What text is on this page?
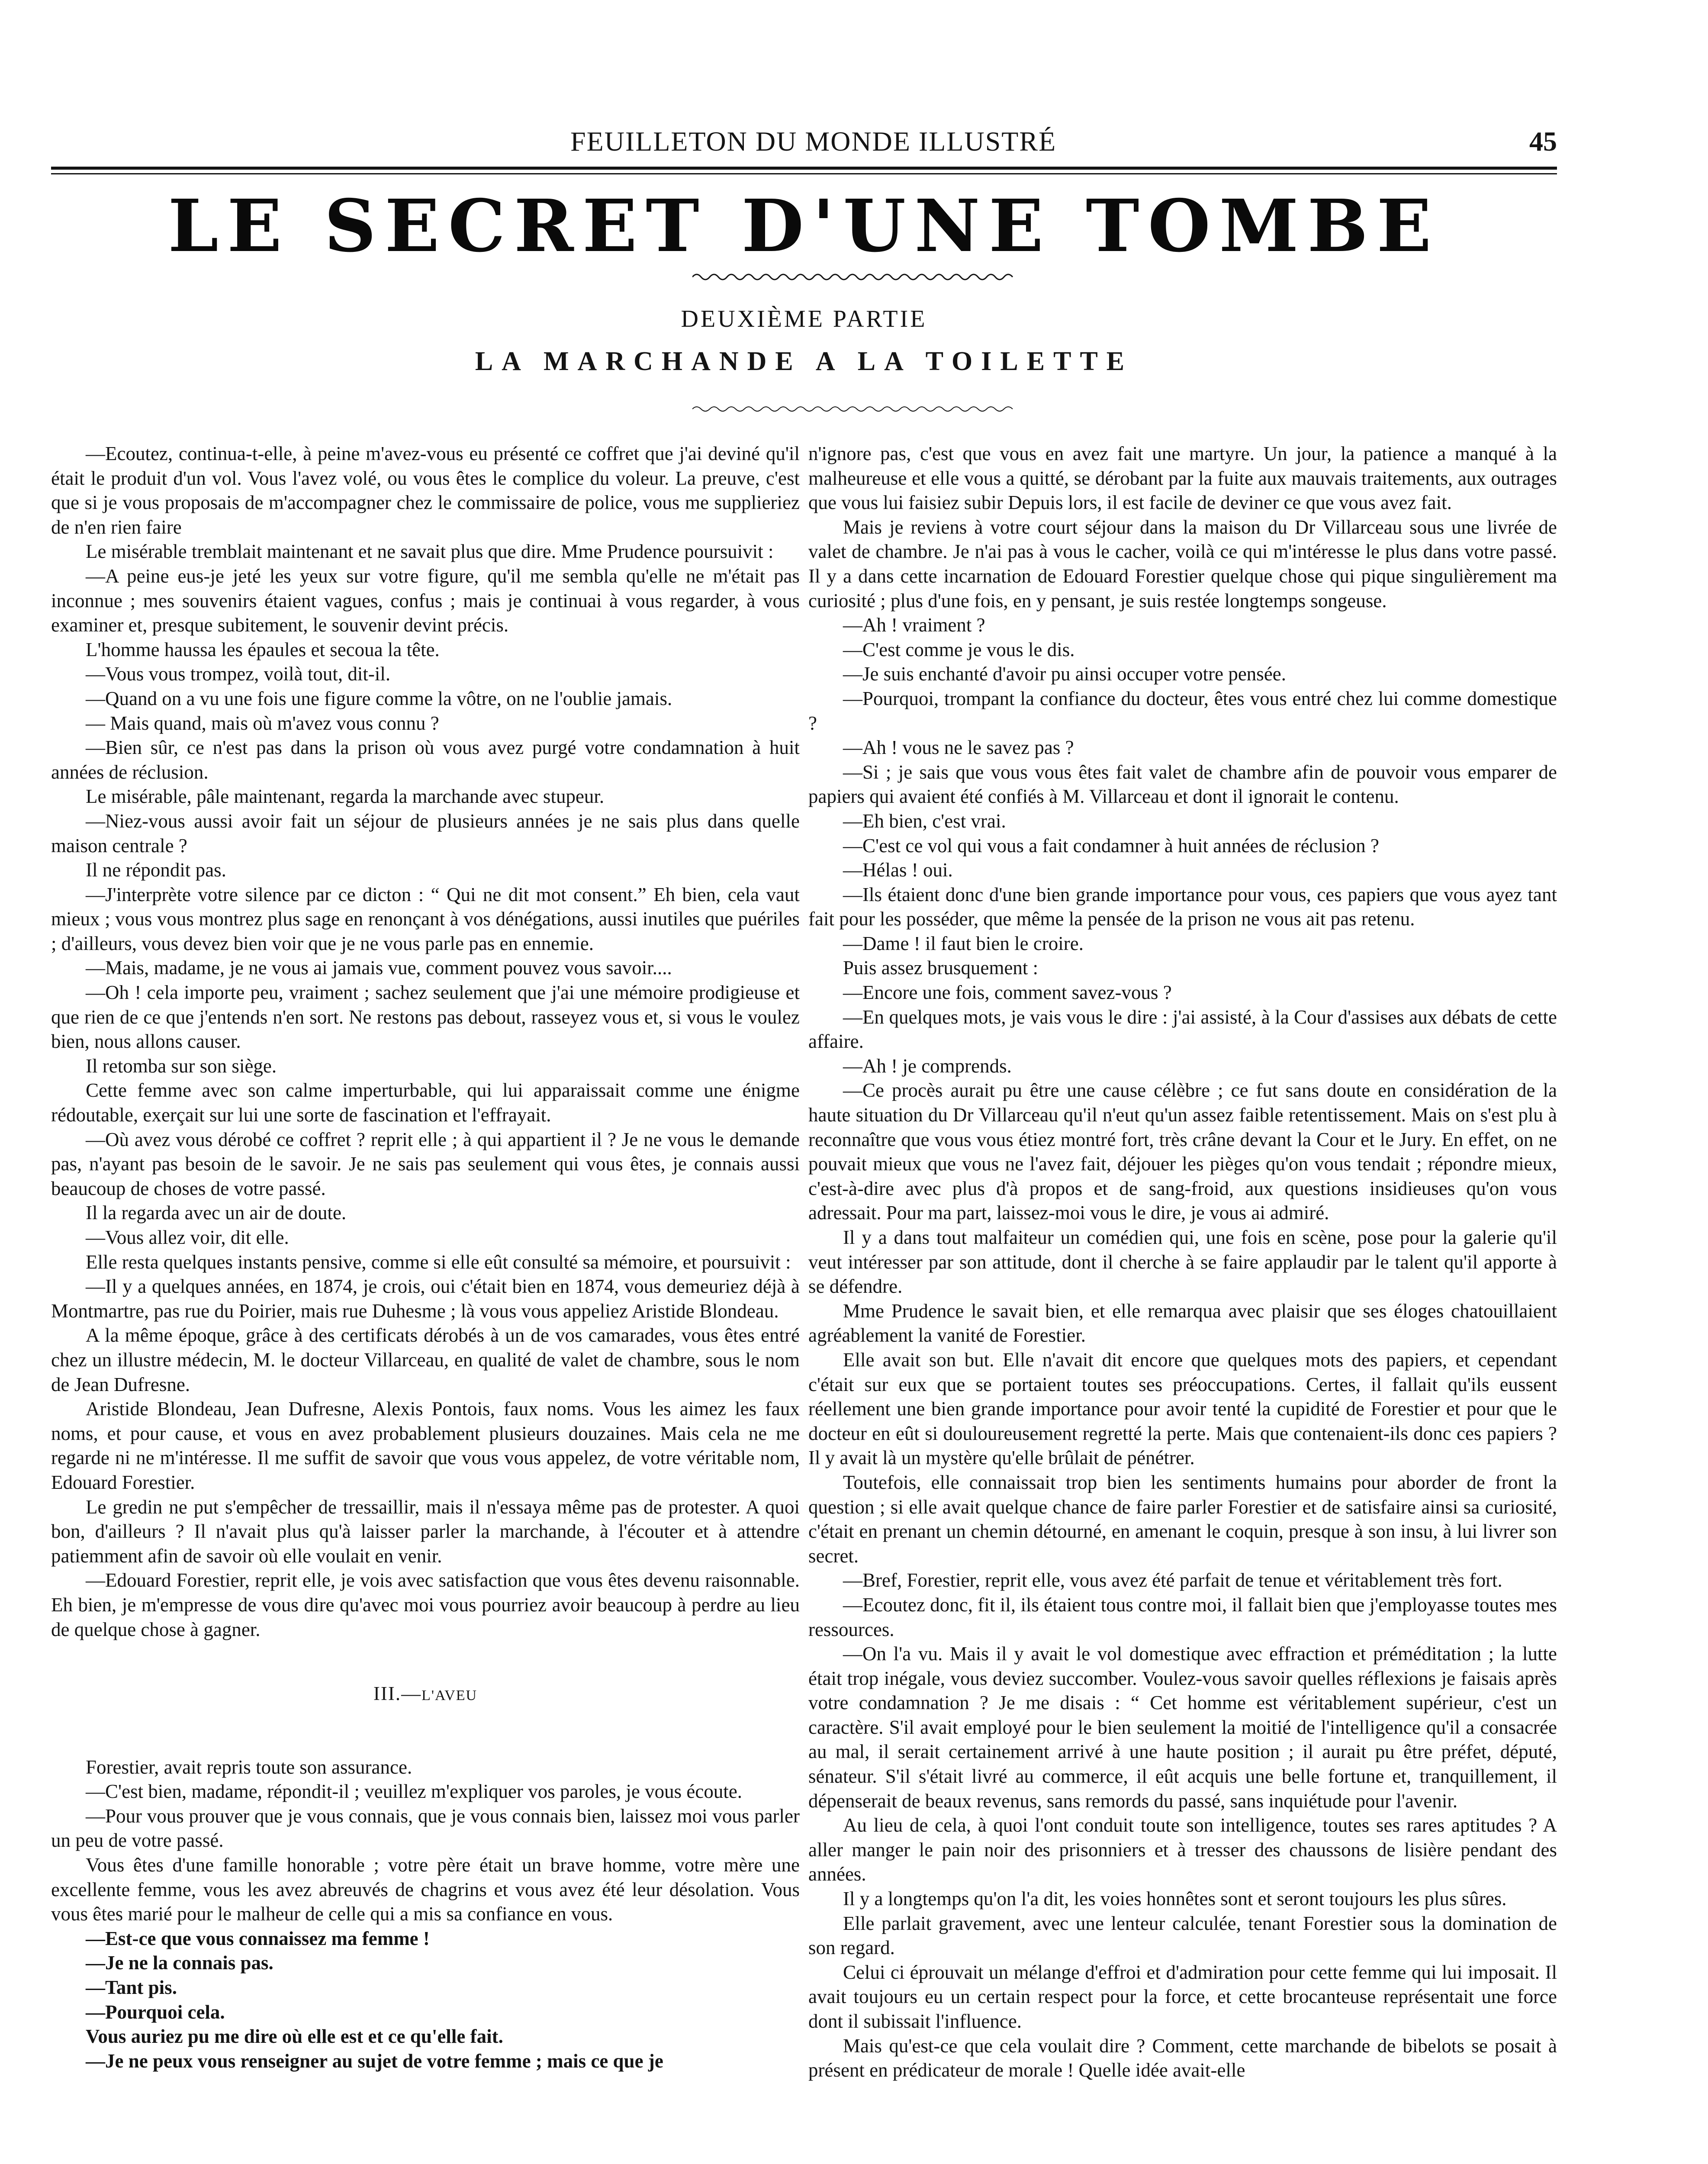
FEUILLETON DU MONDE ILLUSTRÉ	45
LE SECRET D'UNE TOMBE
DEUXIÈME PARTIE
LA MARCHANDE A LA TOILETTE

—Ecoutez, continua-t-elle, à peine m'avez-vous eu présenté ce coffret que j'ai deviné qu'il était le produit d'un vol. Vous l'avez volé, ou vous êtes le complice du voleur. La preuve, c'est que si je vous proposais de m'accompagner chez le commissaire de police, vous me supplieriez de n'en rien faire

Le misérable tremblait maintenant et ne savait plus que dire. Mme Prudence poursuivit :

—A peine eus-je jeté les yeux sur votre figure, qu'il me sembla qu'elle ne m'était pas inconnue ; mes souvenirs étaient vagues, confus ; mais je continuai à vous regarder, à vous examiner et, presque subitement, le souvenir devint précis.

L'homme haussa les épaules et secoua la tête.

—Vous vous trompez, voilà tout, dit-il.

—Quand on a vu une fois une figure comme la vôtre, on ne l'oublie jamais.

— Mais quand, mais où m'avez vous connu ?

—Bien sûr, ce n'est pas dans la prison où vous avez purgé votre condamnation à huit années de réclusion.

Le misérable, pâle maintenant, regarda la marchande avec stupeur.

—Niez-vous aussi avoir fait un séjour de plusieurs années je ne sais plus dans quelle maison centrale ?

Il ne répondit pas.

—J'interprète votre silence par ce dicton : “ Qui ne dit mot consent.” Eh bien, cela vaut mieux ; vous vous montrez plus sage en renonçant à vos dénégations, aussi inutiles que puériles ; d'ailleurs, vous devez bien voir que je ne vous parle pas en ennemie.

—Mais, madame, je ne vous ai jamais vue, comment pouvez vous savoir....

—Oh ! cela importe peu, vraiment ; sachez seulement que j'ai une mémoire prodigieuse et que rien de ce que j'entends n'en sort. Ne restons pas debout, rasseyez vous et, si vous le voulez bien, nous allons causer.

Il retomba sur son siège.

Cette femme avec son calme imperturbable, qui lui apparaissait comme une énigme rédoutable, exerçait sur lui une sorte de fascination et l'effrayait.

—Où avez vous dérobé ce coffret ? reprit elle ; à qui appartient il ? Je ne vous le demande pas, n'ayant pas besoin de le savoir. Je ne sais pas seulement qui vous êtes, je connais aussi beaucoup de choses de votre passé.

Il la regarda avec un air de doute.

—Vous allez voir, dit elle.

Elle resta quelques instants pensive, comme si elle eût consulté sa mémoire, et poursuivit :

—Il y a quelques années, en 1874, je crois, oui c'était bien en 1874, vous demeuriez déjà à Montmartre, pas rue du Poirier, mais rue Duhesme ; là vous vous appeliez Aristide Blondeau.

A la même époque, grâce à des certificats dérobés à un de vos camarades, vous êtes entré chez un illustre médecin, M. le docteur Villarceau, en qualité de valet de chambre, sous le nom de Jean Dufresne.

Aristide Blondeau, Jean Dufresne, Alexis Pontois, faux noms. Vous les aimez les faux noms, et pour cause, et vous en avez probablement plusieurs douzaines. Mais cela ne me regarde ni ne m'intéresse. Il me suffit de savoir que vous vous appelez, de votre véritable nom, Edouard Forestier.

Le gredin ne put s'empêcher de tressaillir, mais il n'essaya même pas de protester. A quoi bon, d'ailleurs ? Il n'avait plus qu'à laisser parler la marchande, à l'écouter et à attendre patiemment afin de savoir où elle voulait en venir.

—Edouard Forestier, reprit elle, je vois avec satisfaction que vous êtes devenu raisonnable. Eh bien, je m'empresse de vous dire qu'avec moi vous pourriez avoir beaucoup à perdre au lieu de quelque chose à gagner.

III.—L'AVEU

Forestier, avait repris toute son assurance.

—C'est bien, madame, répondit-il ; veuillez m'expliquer vos paroles, je vous écoute.

—Pour vous prouver que je vous connais, que je vous connais bien, laissez moi vous parler un peu de votre passé.

Vous êtes d'une famille honorable ; votre père était un brave homme, votre mère une excellente femme, vous les avez abreuvés de chagrins et vous avez été leur désolation. Vous vous êtes marié pour le malheur de celle qui a mis sa confiance en vous.

—Est-ce que vous connaissez ma femme !

—Je ne la connais pas.

—Tant pis.

—Pourquoi cela.

Vous auriez pu me dire où elle est et ce qu'elle fait.

—Je ne peux vous renseigner au sujet de votre femme ; mais ce que je

n'ignore pas, c'est que vous en avez fait une martyre. Un jour, la patience a manqué à la malheureuse et elle vous a quitté, se dérobant par la fuite aux mauvais traitements, aux outrages que vous lui faisiez subir Depuis lors, il est facile de deviner ce que vous avez fait.

Mais je reviens à votre court séjour dans la maison du Dr Villarceau sous une livrée de valet de chambre. Je n'ai pas à vous le cacher, voilà ce qui m'intéresse le plus dans votre passé. Il y a dans cette incarnation de Edouard Forestier quelque chose qui pique singulièrement ma curiosité ; plus d'une fois, en y pensant, je suis restée longtemps songeuse.

—Ah ! vraiment ?

—C'est comme je vous le dis.

—Je suis enchanté d'avoir pu ainsi occuper votre pensée.

—Pourquoi, trompant la confiance du docteur, êtes vous entré chez lui comme domestique ?

—Ah ! vous ne le savez pas ?

—Si ; je sais que vous vous êtes fait valet de chambre afin de pouvoir vous emparer de papiers qui avaient été confiés à M. Villarceau et dont il ignorait le contenu.

—Eh bien, c'est vrai.

—C'est ce vol qui vous a fait condamner à huit années de réclusion ?

—Hélas ! oui.

—Ils étaient donc d'une bien grande importance pour vous, ces papiers que vous ayez tant fait pour les posséder, que même la pensée de la prison ne vous ait pas retenu.

—Dame ! il faut bien le croire.

Puis assez brusquement :

—Encore une fois, comment savez-vous ?

—En quelques mots, je vais vous le dire : j'ai assisté, à la Cour d'assises aux débats de cette affaire.

—Ah ! je comprends.

—Ce procès aurait pu être une cause célèbre ; ce fut sans doute en considération de la haute situation du Dr Villarceau qu'il n'eut qu'un assez faible retentissement. Mais on s'est plu à reconnaître que vous vous étiez montré fort, très crâne devant la Cour et le Jury. En effet, on ne pouvait mieux que vous ne l'avez fait, déjouer les pièges qu'on vous tendait ; répondre mieux, c'est-à-dire avec plus d'à propos et de sang-froid, aux questions insidieuses qu'on vous adressait. Pour ma part, laissez-moi vous le dire, je vous ai admiré.

Il y a dans tout malfaiteur un comédien qui, une fois en scène, pose pour la galerie qu'il veut intéresser par son attitude, dont il cherche à se faire applaudir par le talent qu'il apporte à se défendre.

Mme Prudence le savait bien, et elle remarqua avec plaisir que ses éloges chatouillaient agréablement la vanité de Forestier.

Elle avait son but. Elle n'avait dit encore que quelques mots des papiers, et cependant c'était sur eux que se portaient toutes ses préoccupations. Certes, il fallait qu'ils eussent réellement une bien grande importance pour avoir tenté la cupidité de Forestier et pour que le docteur en eût si douloureusement regretté la perte. Mais que contenaient-ils donc ces papiers ? Il y avait là un mystère qu'elle brûlait de pénétrer.

Toutefois, elle connaissait trop bien les sentiments humains pour aborder de front la question ; si elle avait quelque chance de faire parler Forestier et de satisfaire ainsi sa curiosité, c'était en prenant un chemin détourné, en amenant le coquin, presque à son insu, à lui livrer son secret.

—Bref, Forestier, reprit elle, vous avez été parfait de tenue et véritablement très fort.

—Ecoutez donc, fit il, ils étaient tous contre moi, il fallait bien que j'employasse toutes mes ressources.

—On l'a vu. Mais il y avait le vol domestique avec effraction et préméditation ; la lutte était trop inégale, vous deviez succomber. Voulez-vous savoir quelles réflexions je faisais après votre condamnation ? Je me disais : “ Cet homme est véritablement supérieur, c'est un caractère. S'il avait employé pour le bien seulement la moitié de l'intelligence qu'il a consacrée au mal, il serait certainement arrivé à une haute position ; il aurait pu être préfet, député, sénateur. S'il s'était livré au commerce, il eût acquis une belle fortune et, tranquillement, il dépenserait de beaux revenus, sans remords du passé, sans inquiétude pour l'avenir.

Au lieu de cela, à quoi l'ont conduit toute son intelligence, toutes ses rares aptitudes ? A aller manger le pain noir des prisonniers et à tresser des chaussons de lisière pendant des années.

Il y a longtemps qu'on l'a dit, les voies honnêtes sont et seront toujours les plus sûres.

Elle parlait gravement, avec une lenteur calculée, tenant Forestier sous la domination de son regard.

Celui ci éprouvait un mélange d'effroi et d'admiration pour cette femme qui lui imposait. Il avait toujours eu un certain respect pour la force, et cette brocanteuse représentait une force dont il subissait l'influence.

Mais qu'est-ce que cela voulait dire ? Comment, cette marchande de bibelots se posait à présent en prédicateur de morale ! Quelle idée avait-elle
